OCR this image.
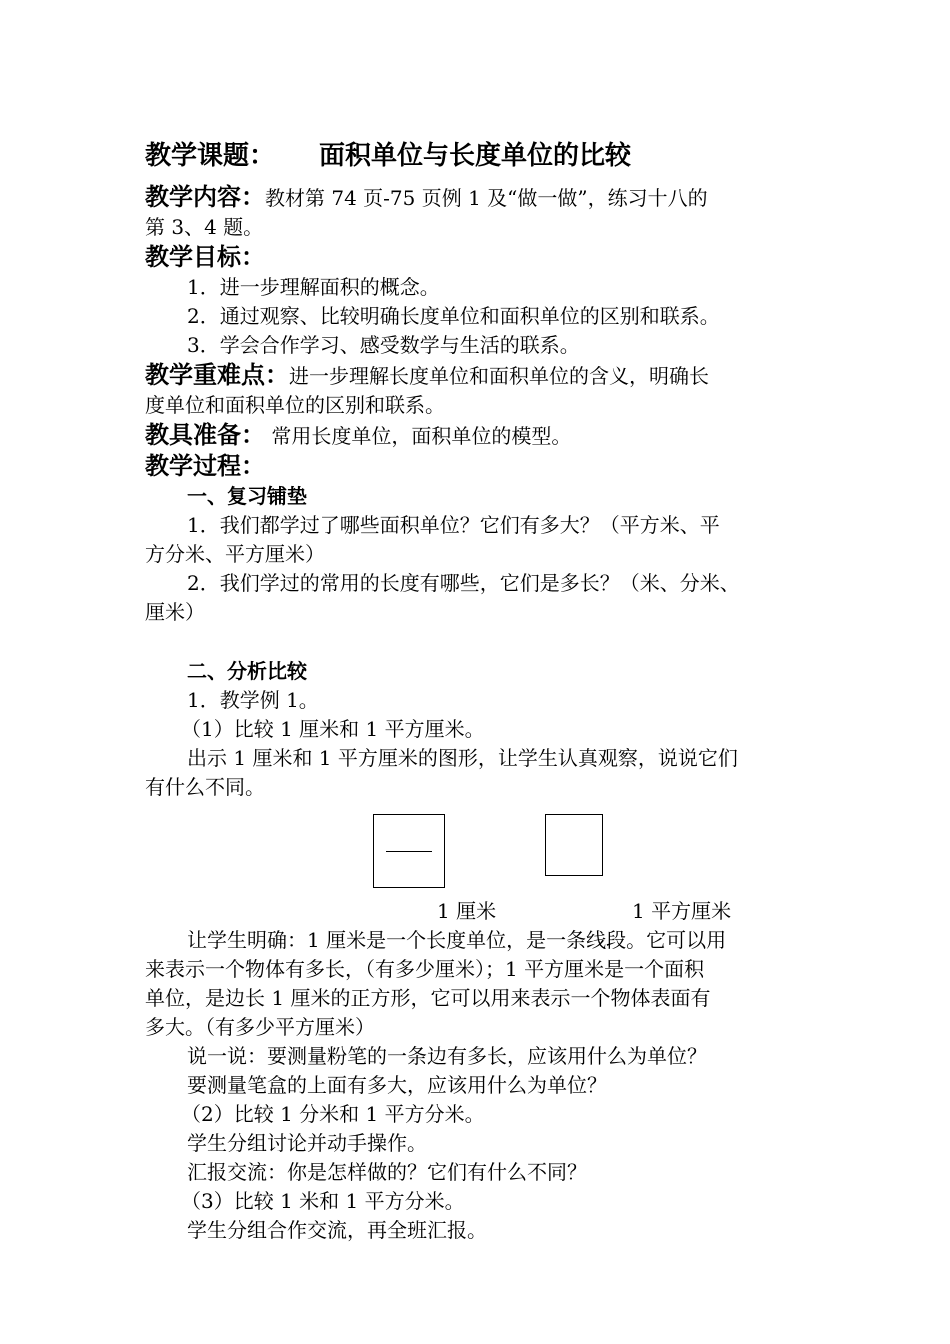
教学课题： 面积单位与长度单位的比较

教学内容：教材第 74 页-75 页例 1 及“做一做”，练习十八的

第 3、4 题。

教学目标：

1．进一步理解面积的概念。

2．通过观察、比较明确长度单位和面积单位的区别和联系。

3．学会合作学习、感受数学与生活的联系。

教学重难点：进一步理解长度单位和面积单位的含义，明确长

度单位和面积单位的区别和联系。

教具准备： 常用长度单位，面积单位的模型。

教学过程：

一、复习铺垫

1．我们都学过了哪些面积单位？它们有多大？（平方米、平

方分米、平方厘米）

2．我们学过的常用的长度有哪些，它们是多长？（米、分米、

厘米）

二、分析比较

1．教学例 1。

（1）比较 1 厘米和 1 平方厘米。

出示 1 厘米和 1 平方厘米的图形，让学生认真观察，说说它们

有什么不同。

1 厘米	1 平方厘米

让学生明确：1 厘米是一个长度单位，是一条线段。它可以用

来表示一个物体有多长，（有多少厘米）；1 平方厘米是一个面积

单位，是边长 1 厘米的正方形，它可以用来表示一个物体表面有

多大。（有多少平方厘米）

说一说：要测量粉笔的一条边有多长，应该用什么为单位？

要测量笔盒的上面有多大，应该用什么为单位？

（2）比较 1 分米和 1 平方分米。

学生分组讨论并动手操作。

汇报交流：你是怎样做的？它们有什么不同？

（3）比较 1 米和 1 平方分米。

学生分组合作交流，再全班汇报。
